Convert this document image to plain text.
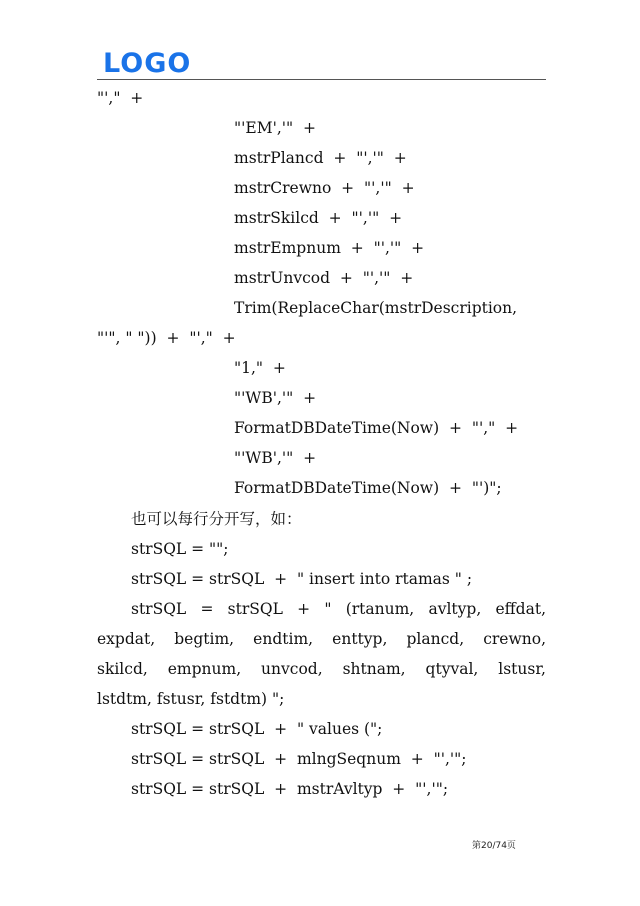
LOGO
"',"  +
"'EM','"  +
mstrPlancd  +  "','"  +
mstrCrewno  +  "','"  +
mstrSkilcd  +  "','"  +
mstrEmpnum  +  "','"  +
mstrUnvcod  +  "','"  +
Trim(ReplaceChar(mstrDescription,
"'", " "))  +  "',"  +
"1,"  +
"'WB','"  +
FormatDBDateTime(Now)  +  "',"  +
"'WB','"  +
FormatDBDateTime(Now)  +  "')";
也可以每行分开写，如：
strSQL = "";
strSQL = strSQL  +  " insert into rtamas " ;
strSQL = strSQL + " (rtanum, avltyp, effdat,
expdat, begtim, endtim, enttyp, plancd, crewno,
skilcd, empnum, unvcod, shtnam, qtyval, lstusr,
lstdtm, fstusr, fstdtm) ";
strSQL = strSQL  +  " values (";
strSQL = strSQL  +  mlngSeqnum  +  "','";
strSQL = strSQL  +  mstrAvltyp  +  "','";
第20/74页
